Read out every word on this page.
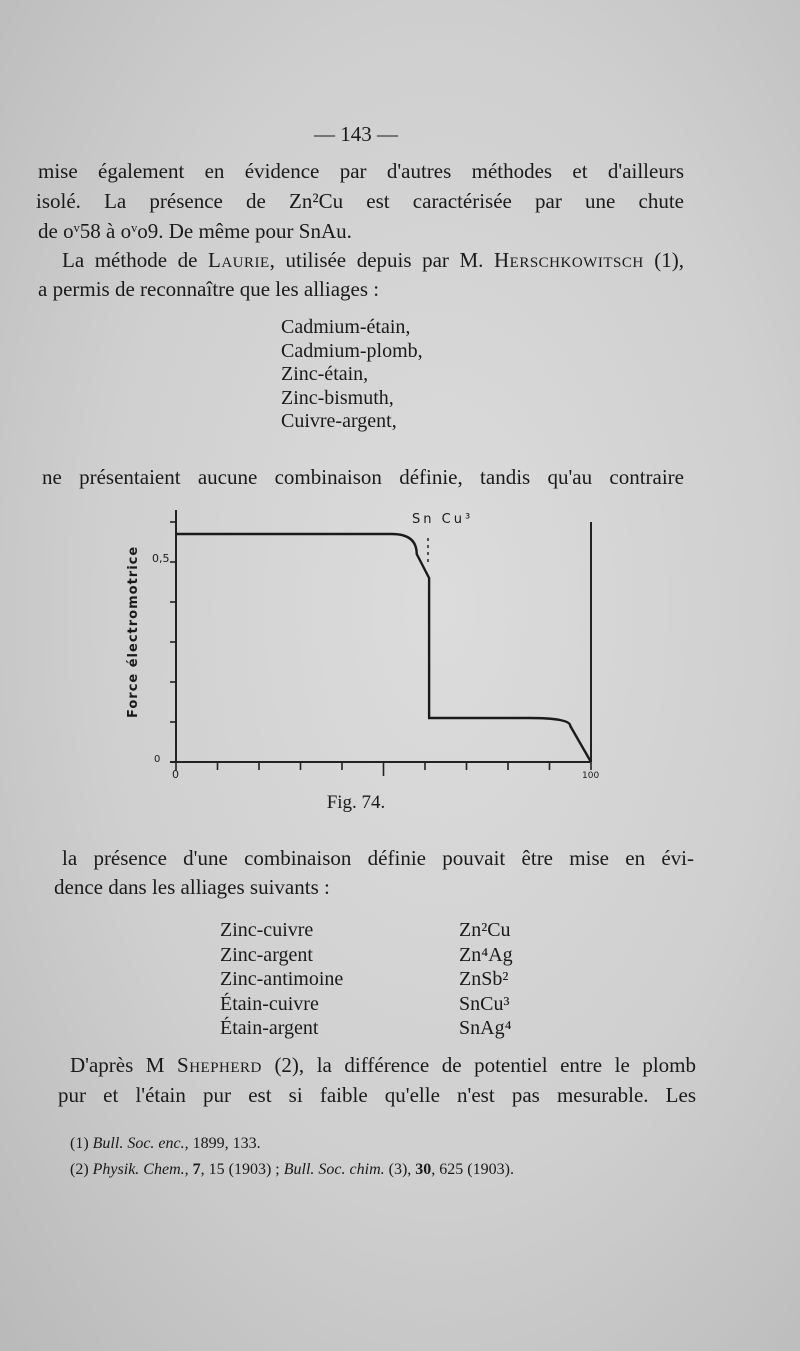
— 143 —
mise également en évidence par d'autres méthodes et d'ailleurs
isolé. La présence de Zn²Cu est caractérisée par une chute
de oᵛ58 à oᵛo9. De même pour SnAu.
La méthode de Laurie, utilisée depuis par M. Herschkowitsch (1),
a permis de reconnaître que les alliages :
Cadmium-étain,
Cadmium-plomb,
Zinc-étain,
Zinc-bismuth,
Cuivre-argent,
ne présentaient aucune combinaison définie, tandis qu'au contraire
Sn Cu³
0,5
0
0	100
Force électromotrice
Fig. 74.
la présence d'une combinaison définie pouvait être mise en évi-
dence dans les alliages suivants :
Zinc-cuivre
Zinc-argent
Zinc-antimoine
Étain-cuivre
Étain-argent
Zn²Cu
Zn⁴Ag
ZnSb²
SnCu³
SnAg⁴
D'après M Shepherd (2), la différence de potentiel entre le plomb
pur et l'étain pur est si faible qu'elle n'est pas mesurable. Les
(1) Bull. Soc. enc., 1899, 133.
(2) Physik. Chem., 7, 15 (1903) ; Bull. Soc. chim. (3), 30, 625 (1903).
